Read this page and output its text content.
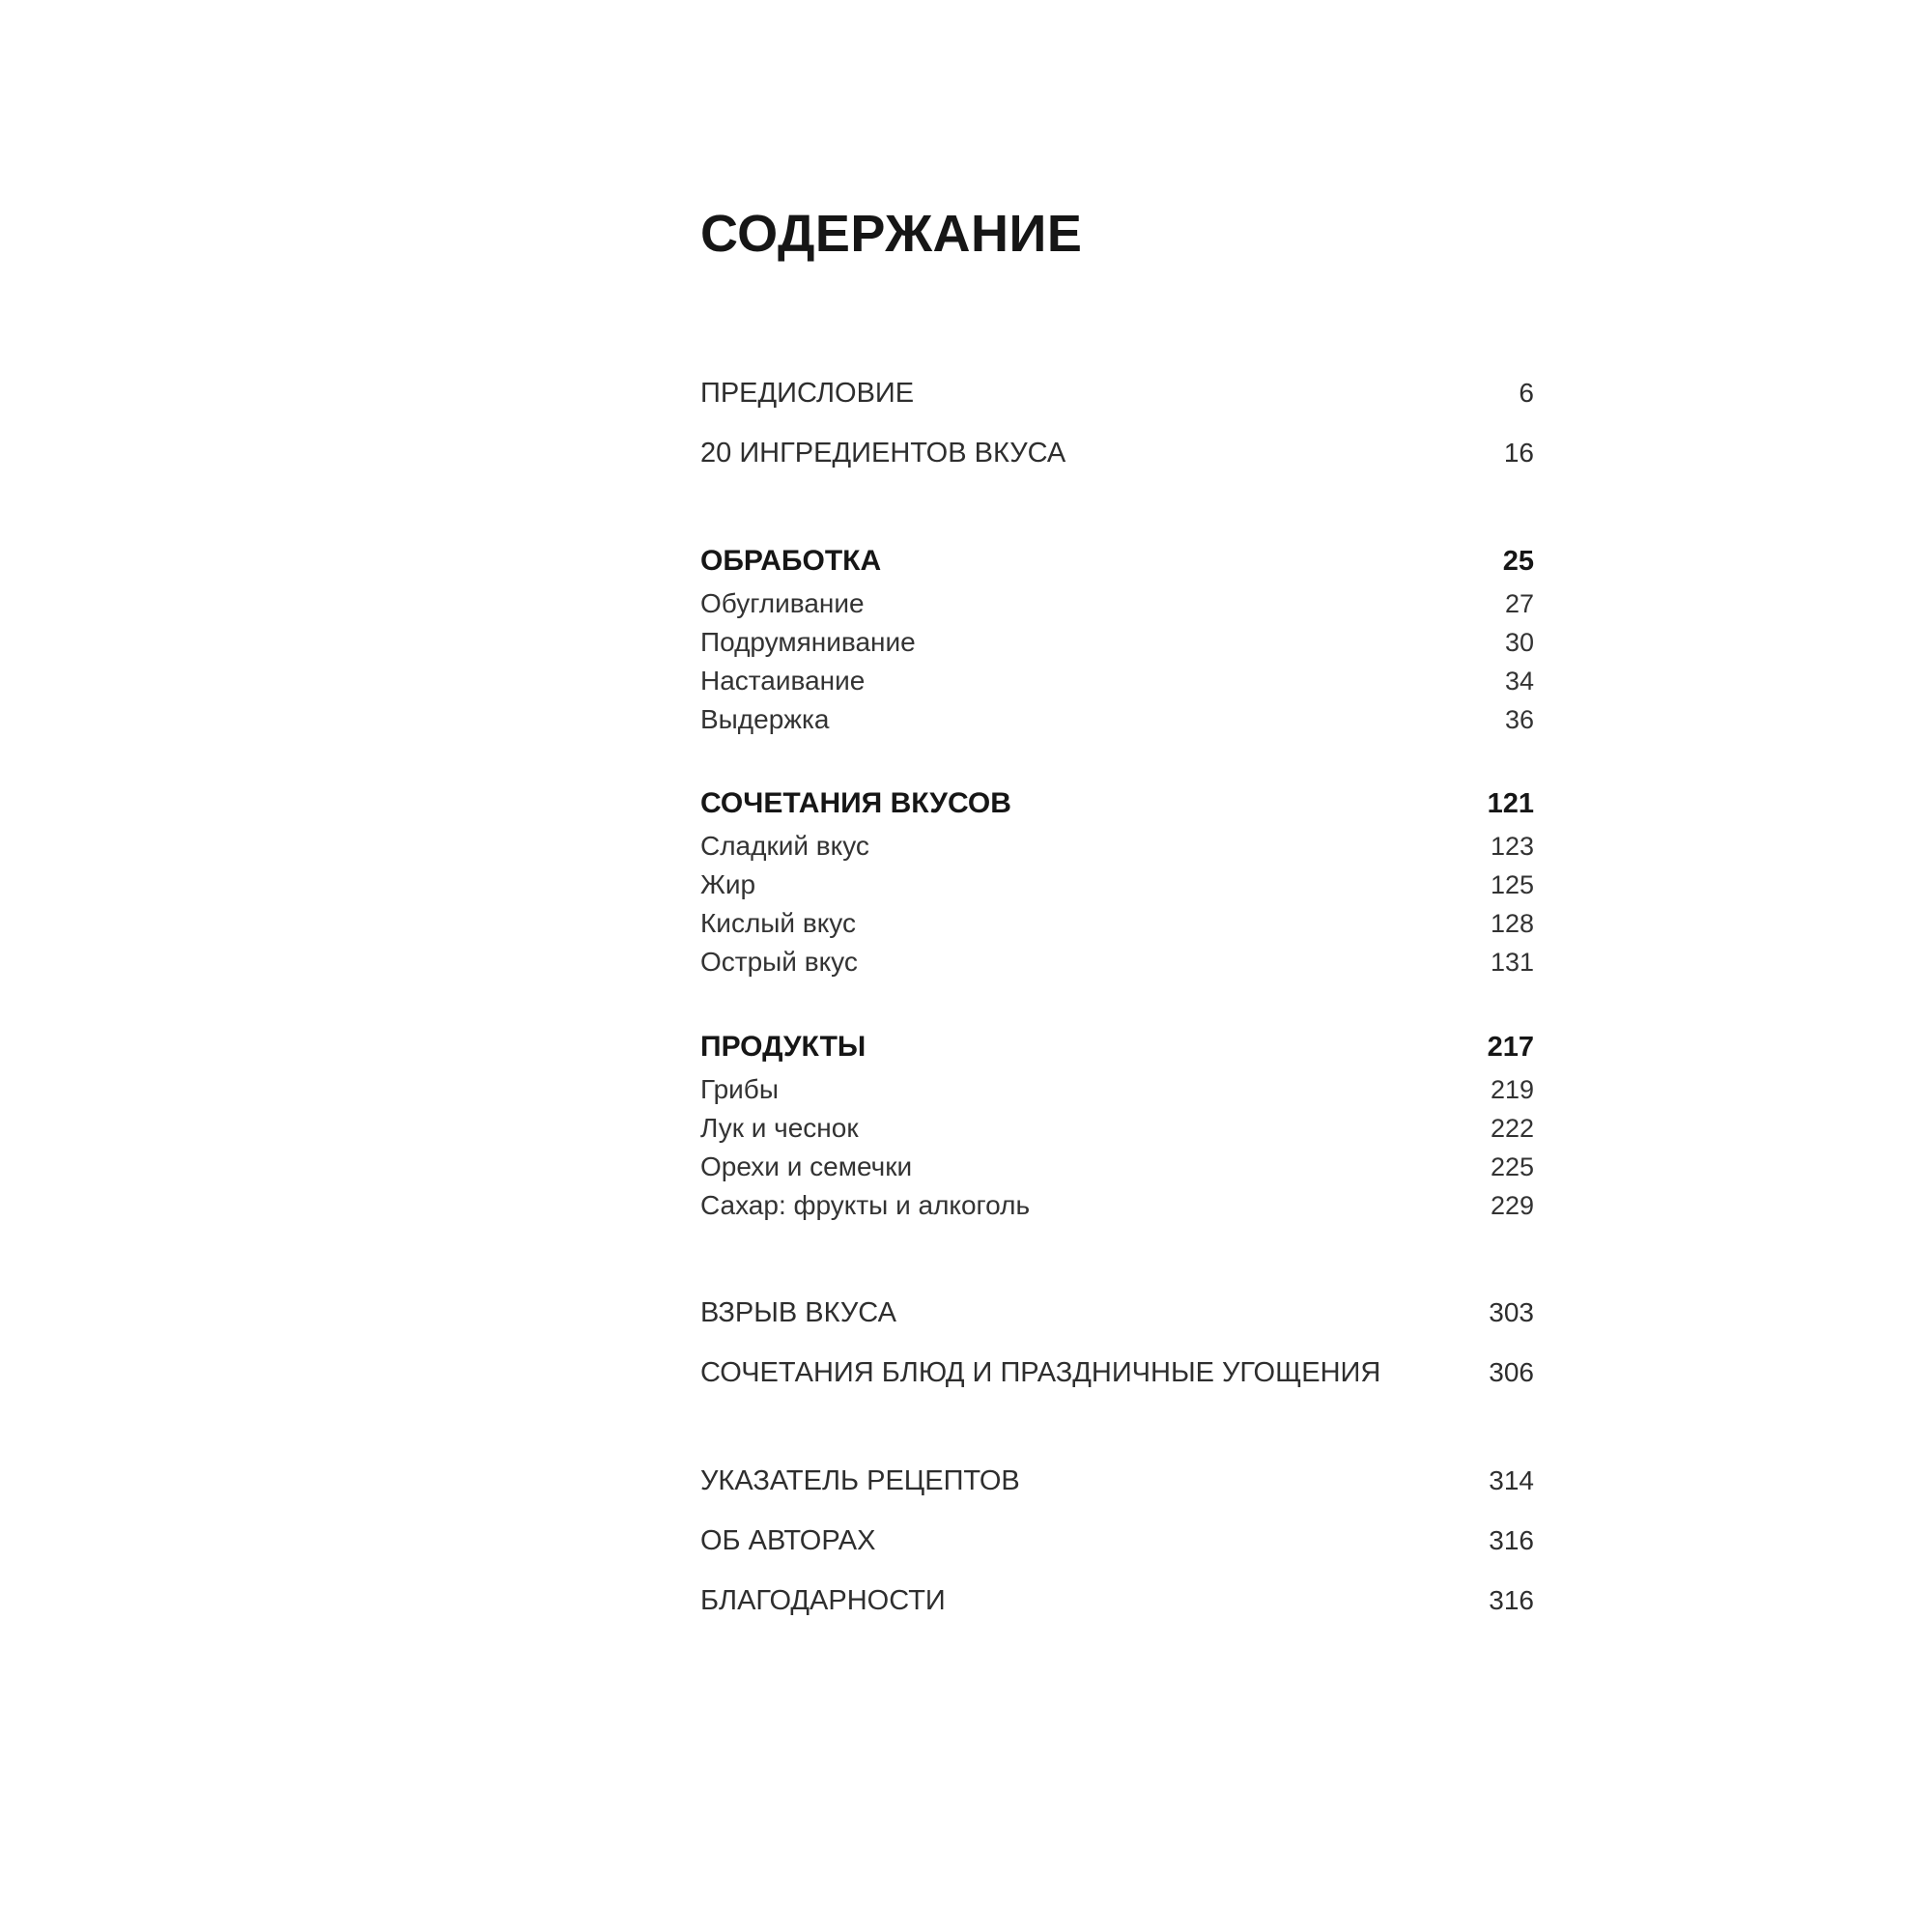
СОДЕРЖАНИЕ
ПРЕДИСЛОВИЕ	6
20 ИНГРЕДИЕНТОВ ВКУСА	16
ОБРАБОТКА	25
Обугливание	27
Подрумянивание	30
Настаивание	34
Выдержка	36
СОЧЕТАНИЯ ВКУСОВ	121
Сладкий вкус	123
Жир	125
Кислый вкус	128
Острый вкус	131
ПРОДУКТЫ	217
Грибы	219
Лук и чеснок	222
Орехи и семечки	225
Сахар: фрукты и алкоголь	229
ВЗРЫВ ВКУСА	303
СОЧЕТАНИЯ БЛЮД И ПРАЗДНИЧНЫЕ УГОЩЕНИЯ	306
УКАЗАТЕЛЬ РЕЦЕПТОВ	314
ОБ АВТОРАХ	316
БЛАГОДАРНОСТИ	316
